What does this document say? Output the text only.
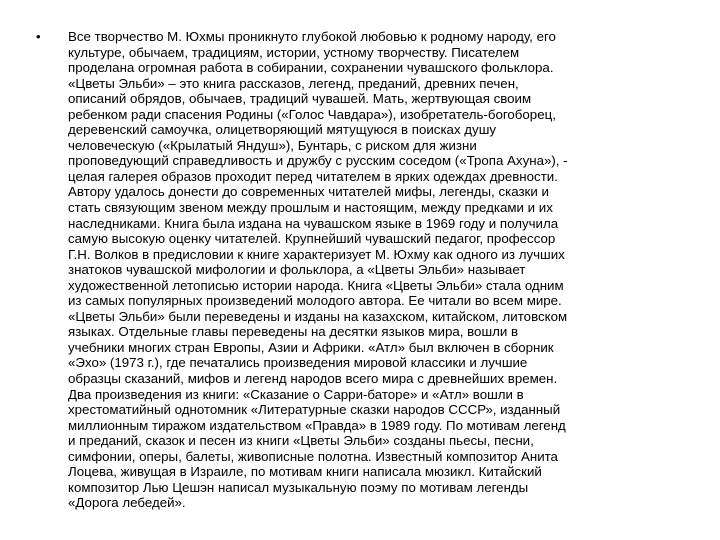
• Все творчество М. Юхмы проникнуто глубокой любовью к родному народу, его
культуре, обычаем, традициям, истории, устному творчеству. Писателем
проделана огромная работа в собирании, сохранении чувашского фольклора.
«Цветы Эльби» – это книга рассказов, легенд, преданий, древних печен,
описаний обрядов, обычаев, традиций чувашей. Мать, жертвующая своим
ребенком ради спасения Родины («Голос Чавдара»), изобретатель-богоборец,
деревенский самоучка, олицетворяющий мятущуюся в поисках душу
человеческую («Крылатый Яндуш»), Бунтарь, с риском для жизни
проповедующий справедливость и дружбу с русским соседом («Тропа Ахуна»), -
целая галерея образов проходит перед читателем в ярких одеждах древности.
Автору удалось донести до современных читателей мифы, легенды, сказки и
стать связующим звеном между прошлым и настоящим, между предками и их
наследниками. Книга была издана на чувашском языке в 1969 году и получила
самую высокую оценку читателей. Крупнейший чувашский педагог, профессор
Г.Н. Волков в предисловии к книге характеризует М. Юхму как одного из лучших
знатоков чувашской мифологии и фольклора, а «Цветы Эльби» называет
художественной летописью истории народа. Книга «Цветы Эльби» стала одним
из самых популярных произведений молодого автора. Ее читали во всем мире.
«Цветы Эльби» были переведены и изданы на казахском, китайском, литовском
языках. Отдельные главы переведены на десятки языков мира, вошли в
учебники многих стран Европы, Азии и Африки. «Атл» был включен в сборник
«Эхо» (1973 г.), где печатались произведения мировой классики и лучшие
образцы сказаний, мифов и легенд народов всего мира с древнейших времен.
Два произведения из книги: «Сказание о Сарри-баторе» и «Атл» вошли в
хрестоматийный однотомник «Литературные сказки народов СССР», изданный
миллионным тиражом издательством «Правда» в 1989 году. По мотивам легенд
и преданий, сказок и песен из книги «Цветы Эльби» созданы пьесы, песни,
симфонии, оперы, балеты, живописные полотна. Известный композитор Анита
Лоцева, живущая в Израиле, по мотивам книги написала мюзикл. Китайский
композитор Лью Цешэн написал музыкальную поэму по мотивам легенды
«Дорога лебедей».
